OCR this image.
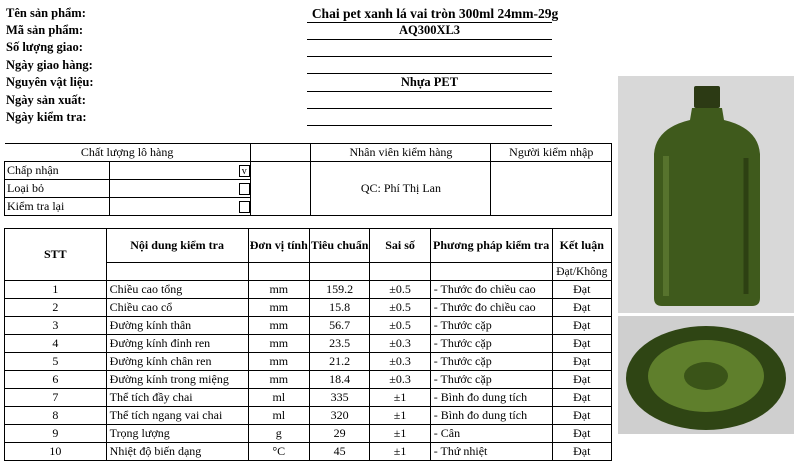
Tên sản phẩm:	Chai pet xanh lá vai tròn 300ml 24mm-29g
Mã sản phẩm:	AQ300XL3
Số lượng giao:
Ngày giao hàng:
Nguyên vật liệu:	Nhựa PET
Ngày sản xuất:
Ngày kiểm tra:
Chất lượng lô hàng			Nhân viên kiểm hàng	Người kiểm nhập
Chấp nhận	v		QC: Phí Thị Lan	
Loại bỏ				

Kiểm tra lại				
STT	Nội dung kiểm tra	Đơn vị tính	Tiêu chuẩn	Sai số	Phương pháp kiểm tra	Kết luận
						Đạt/Không
1	Chiều cao tổng	mm	159.2	±0.5	- Thước đo chiều cao	Đạt
2	Chiều cao cổ	mm	15.8	±0.5	- Thước đo chiều cao	Đạt
3	Đường kính thân	mm	56.7	±0.5	- Thước cặp	Đạt
4	Đường kính đỉnh ren	mm	23.5	±0.3	- Thước cặp	Đạt
5	Đường kính chân ren	mm	21.2	±0.3	- Thước cặp	Đạt
6	Đường kính trong miệng	mm	18.4	±0.3	- Thước cặp	Đạt
7	Thể tích đầy chai	ml	335	±1	- Bình đo dung tích	Đạt
8	Thể tích ngang vai chai	ml	320	±1	- Bình đo dung tích	Đạt
9	Trọng lượng	g	29	±1	- Cân	Đạt
10	Nhiệt độ biến dạng	°C	45	±1	- Thứ nhiệt	Đạt
